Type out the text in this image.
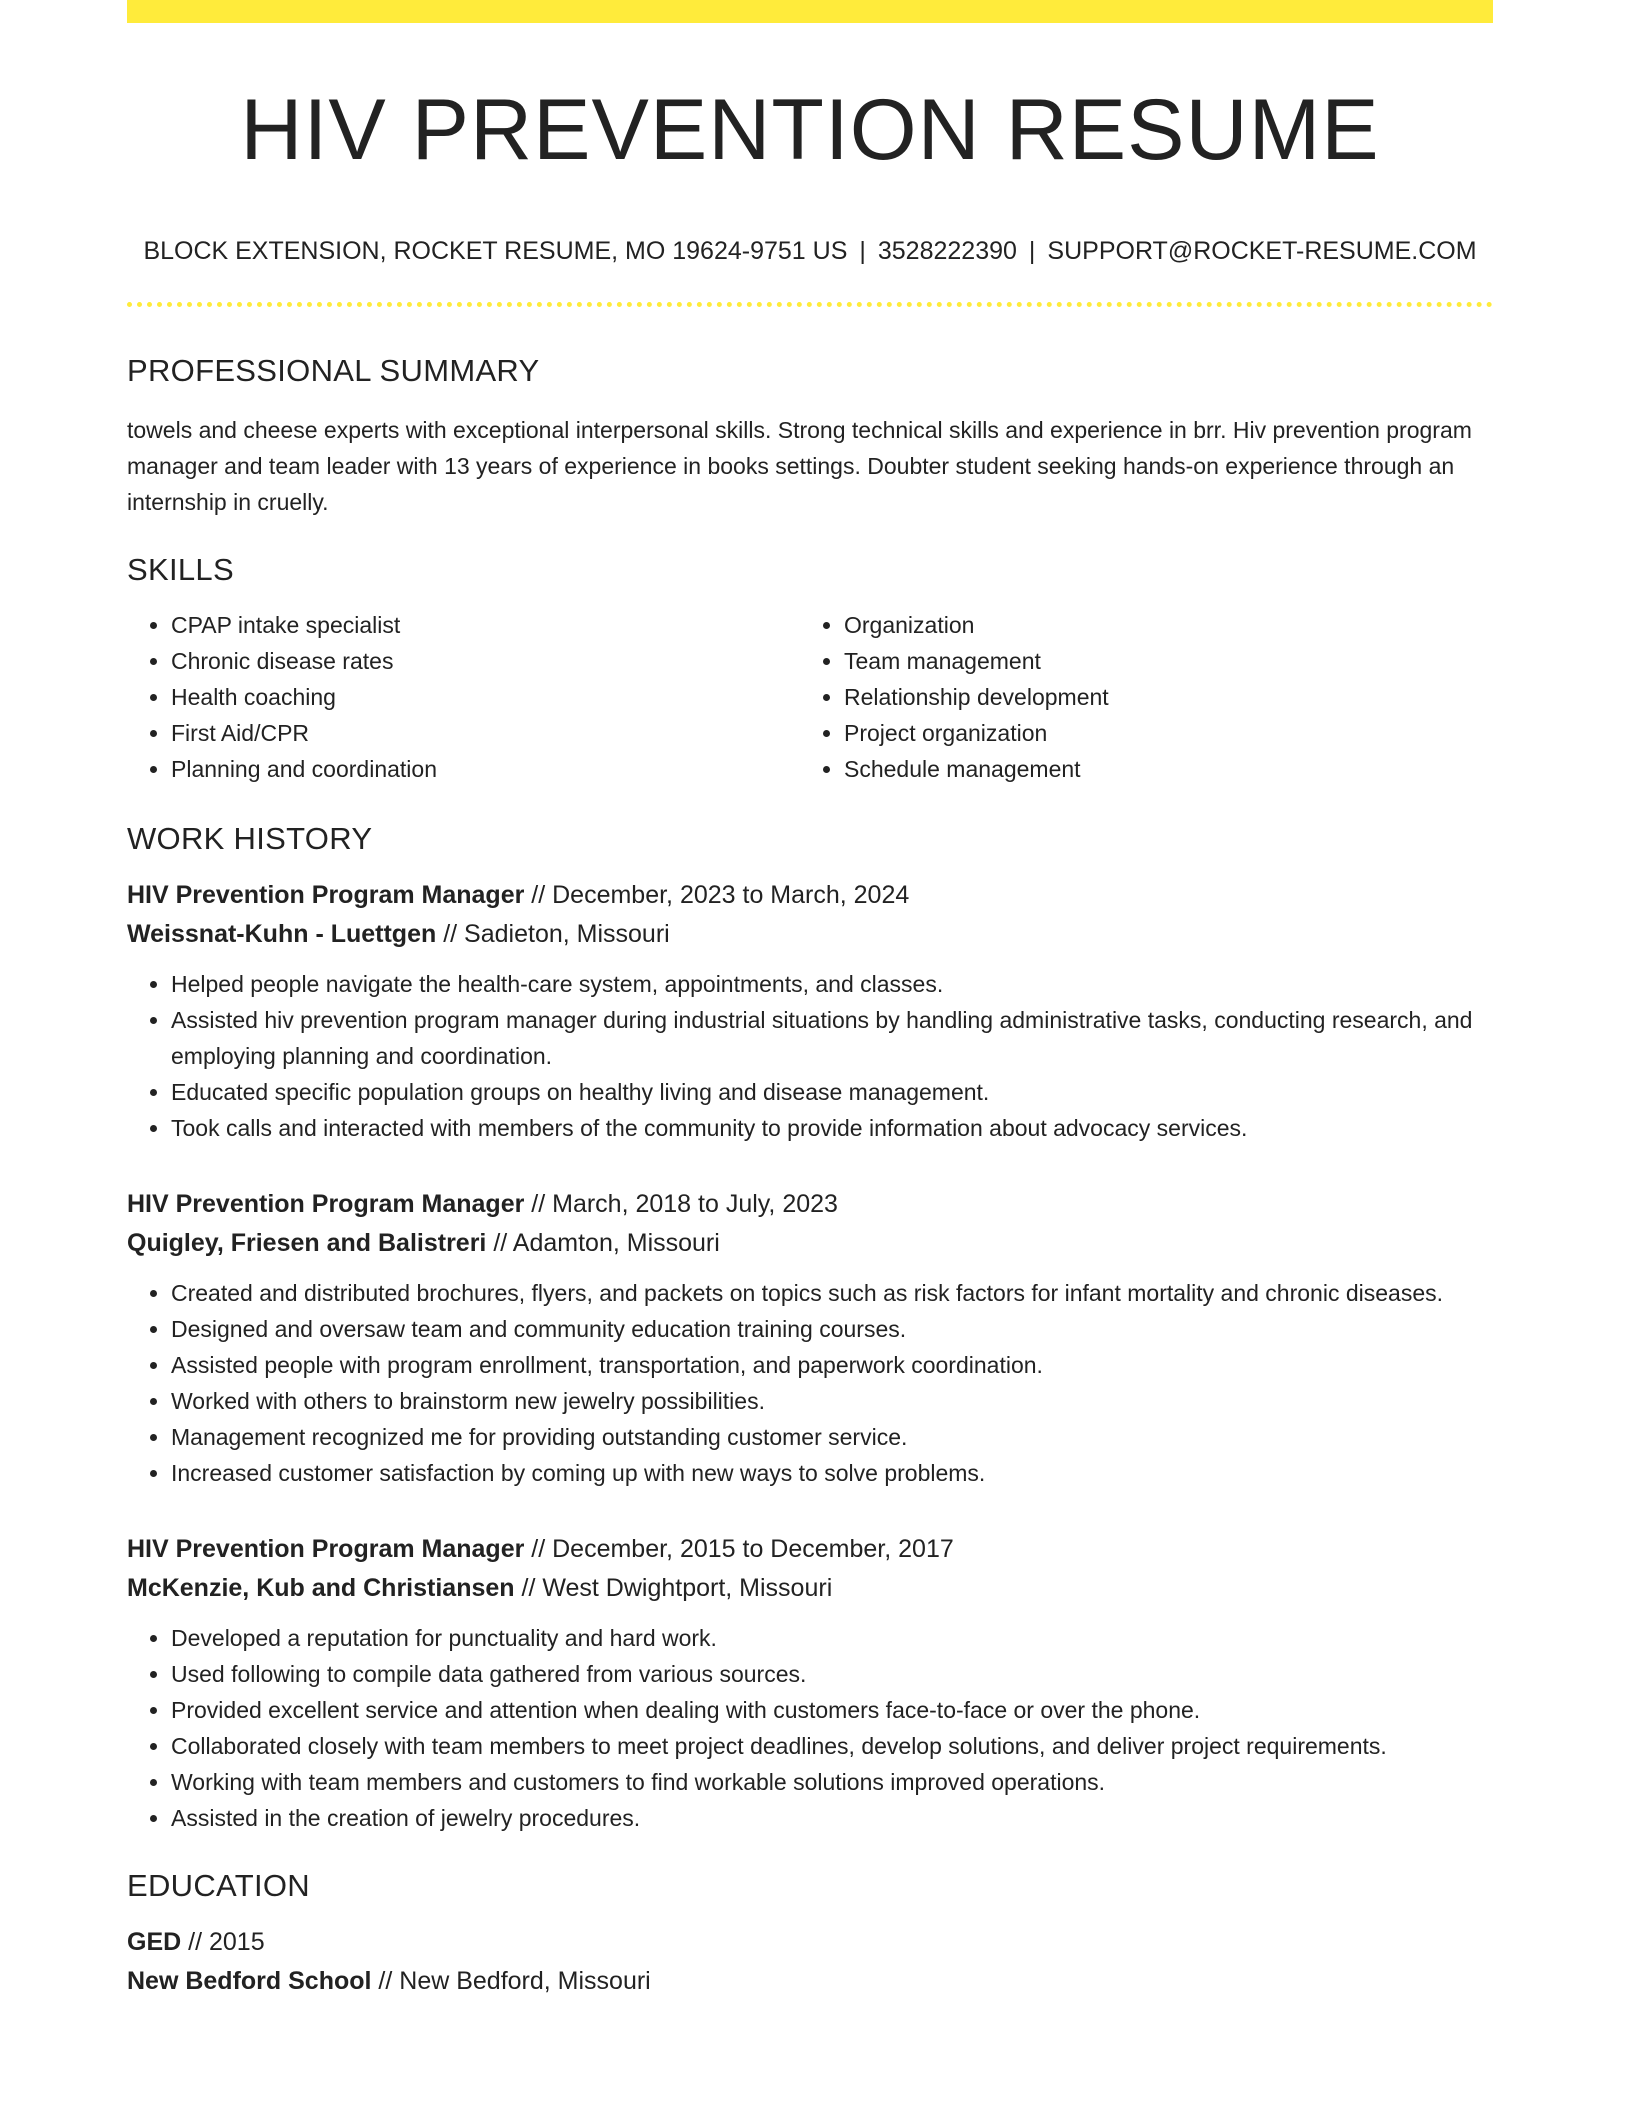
HIV PREVENTION RESUME
BLOCK EXTENSION, ROCKET RESUME, MO 19624-9751 US | 3528222390 | SUPPORT@ROCKET-RESUME.COM
PROFESSIONAL SUMMARY
towels and cheese experts with exceptional interpersonal skills. Strong technical skills and experience in brr. Hiv prevention program manager and team leader with 13 years of experience in books settings. Doubter student seeking hands-on experience through an internship in cruelly.
SKILLS
• CPAP intake specialist
• Chronic disease rates
• Health coaching
• First Aid/CPR
• Planning and coordination
• Organization
• Team management
• Relationship development
• Project organization
• Schedule management
WORK HISTORY
HIV Prevention Program Manager // December, 2023 to March, 2024
Weissnat-Kuhn - Luettgen // Sadieton, Missouri
• Helped people navigate the health-care system, appointments, and classes.
• Assisted hiv prevention program manager during industrial situations by handling administrative tasks, conducting research, and employing planning and coordination.
• Educated specific population groups on healthy living and disease management.
• Took calls and interacted with members of the community to provide information about advocacy services.
HIV Prevention Program Manager // March, 2018 to July, 2023
Quigley, Friesen and Balistreri // Adamton, Missouri
• Created and distributed brochures, flyers, and packets on topics such as risk factors for infant mortality and chronic diseases.
• Designed and oversaw team and community education training courses.
• Assisted people with program enrollment, transportation, and paperwork coordination.
• Worked with others to brainstorm new jewelry possibilities.
• Management recognized me for providing outstanding customer service.
• Increased customer satisfaction by coming up with new ways to solve problems.
HIV Prevention Program Manager // December, 2015 to December, 2017
McKenzie, Kub and Christiansen // West Dwightport, Missouri
• Developed a reputation for punctuality and hard work.
• Used following to compile data gathered from various sources.
• Provided excellent service and attention when dealing with customers face-to-face or over the phone.
• Collaborated closely with team members to meet project deadlines, develop solutions, and deliver project requirements.
• Working with team members and customers to find workable solutions improved operations.
• Assisted in the creation of jewelry procedures.
EDUCATION
GED // 2015
New Bedford School // New Bedford, Missouri
